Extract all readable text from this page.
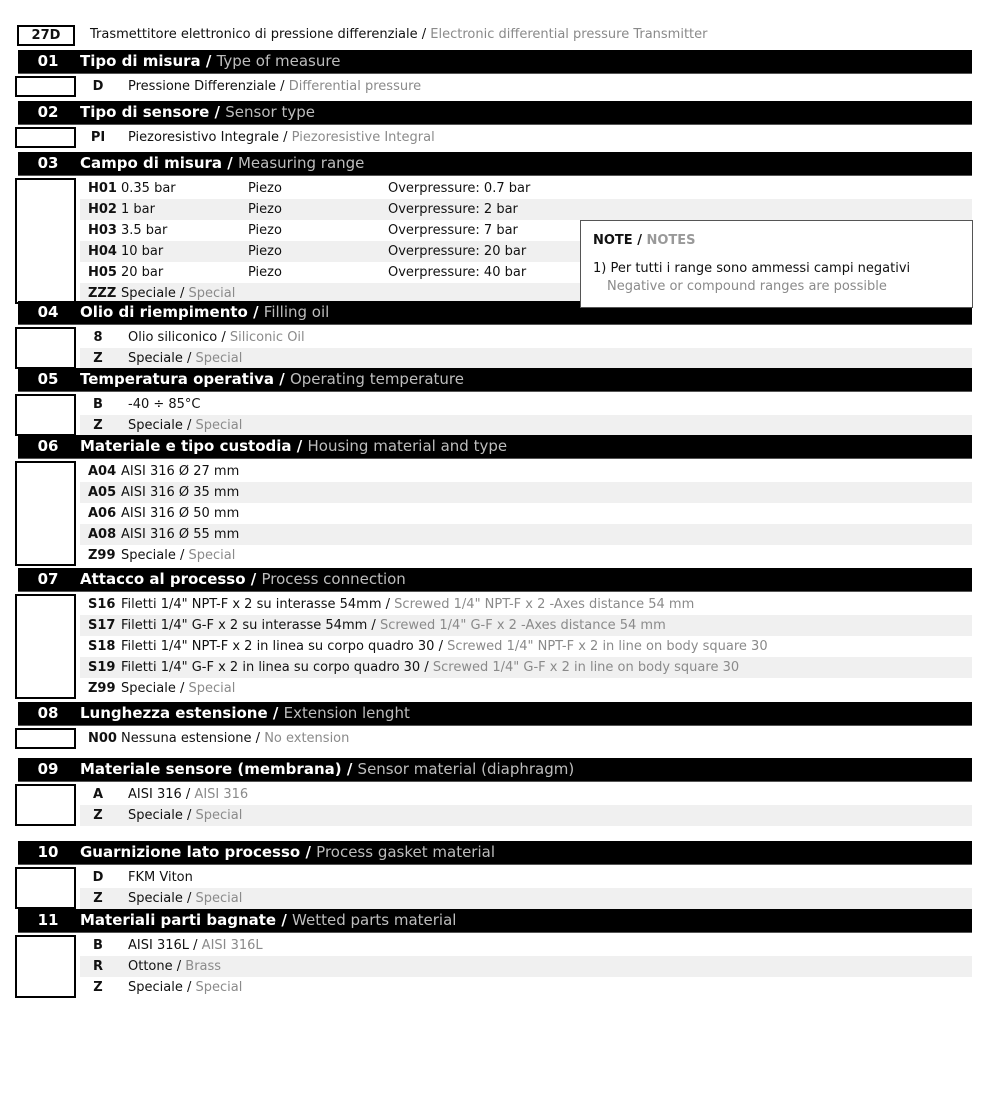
27D	Trasmettitore elettronico di pressione differenziale / Electronic differential pressure Transmitter
01	Tipo di misura / Type of measure
D	Pressione Differenziale / Differential pressure
02	Tipo di sensore / Sensor type
PI Piezoresistivo Integrale / Piezoresistive Integral
03	Campo di misura / Measuring range
H01 0.35 bar	Piezo	Overpressure: 0.7 bar
H02 1 bar	Piezo	Overpressure: 2 bar
H03 3.5 bar	Piezo	Overpressure: 7 bar
H04 10 bar	Piezo	Overpressure: 20 bar
H05 20 bar	Piezo	Overpressure: 40 bar
ZZZ Speciale / Special
04	Olio di riempimento / Filling oil
8	Olio siliconico / Siliconic Oil
Z	Speciale / Special
05	Temperatura operativa / Operating temperature
B	-40 ÷ 85°C
Z	Speciale / Special
06	Materiale e tipo custodia / Housing material and type
A04 AISI 316 Ø 27 mm
A05 AISI 316 Ø 35 mm
A06 AISI 316 Ø 50 mm
A08 AISI 316 Ø 55 mm
Z99 Speciale / Special
07	Attacco al processo / Process connection
S16 Filetti 1/4" NPT-F x 2 su interasse 54mm / Screwed 1/4" NPT-F x 2 -Axes distance 54 mm
S17 Filetti 1/4" G-F x 2 su interasse 54mm / Screwed 1/4" G-F x 2 -Axes distance 54 mm
S18 Filetti 1/4" NPT-F x 2 in linea su corpo quadro 30 / Screwed 1/4" NPT-F x 2 in line on body square 30
S19 Filetti 1/4" G-F x 2 in linea su corpo quadro 30 / Screwed 1/4" G-F x 2 in line on body square 30
Z99 Speciale / Special
08	Lunghezza estensione / Extension lenght
N00 Nessuna estensione / No extension
09	Materiale sensore (membrana) / Sensor material (diaphragm)
A	AISI 316 / AISI 316
Z	Speciale / Special
10	Guarnizione lato processo / Process gasket material
D	FKM Viton
Z	Speciale / Special
11	Materiali parti bagnate / Wetted parts material
B	AISI 316L / AISI 316L
R	Ottone / Brass
Z	Speciale / Special
NOTE / NOTES
1) Per tutti i range sono ammessi campi negativi
Negative or compound ranges are possible
